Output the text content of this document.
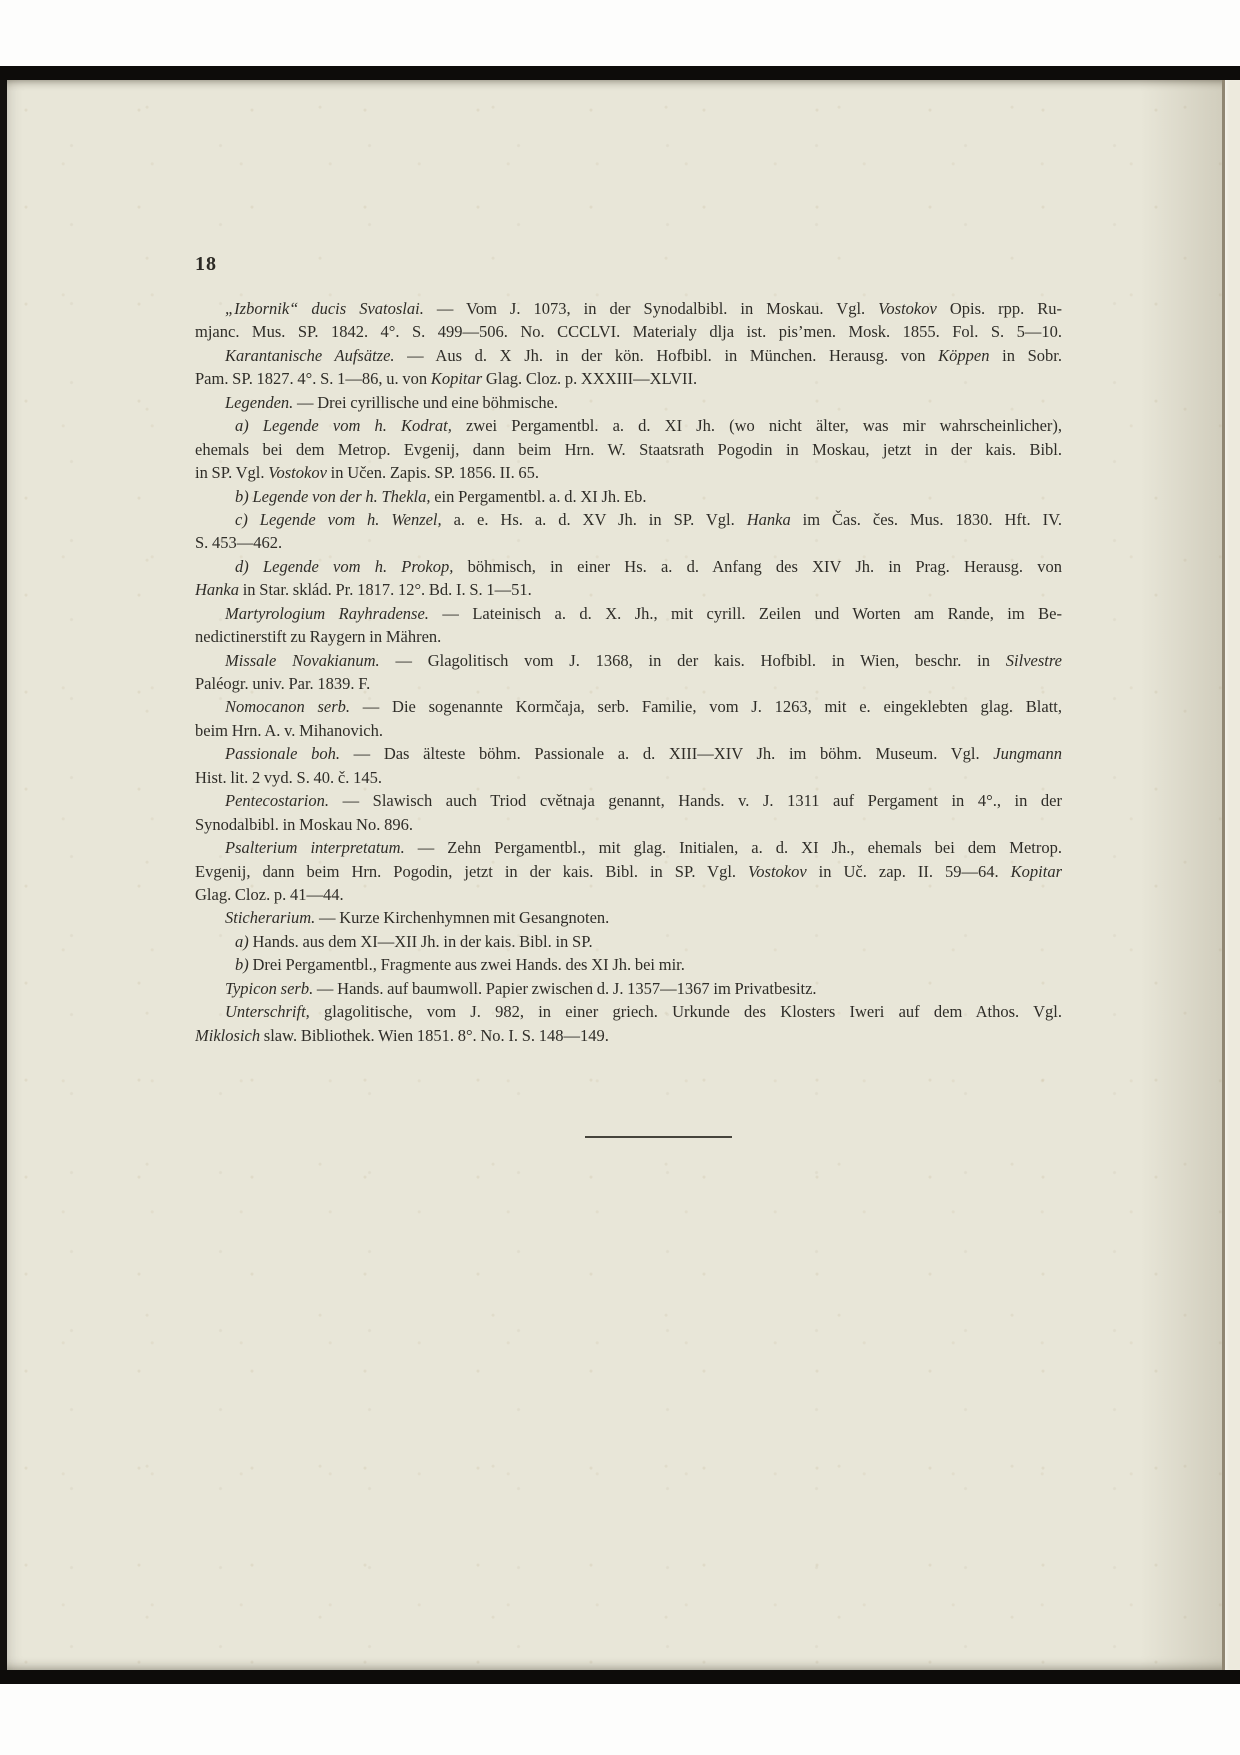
18
„Izbornik“ ducis Svatoslai. — Vom J. 1073, in der Synodalbibl. in Moskau. Vgl. Vostokov Opis. rpp. Ru-
mjanc. Mus. SP. 1842. 4°. S. 499—506. No. CCCLVI. Materialy dlja ist. pis’men. Mosk. 1855. Fol. S. 5—10.
Karantanische Aufsätze. — Aus d. X Jh. in der kön. Hofbibl. in München. Herausg. von Köppen in Sobr.
Pam. SP. 1827. 4°. S. 1—86, u. von Kopitar Glag. Cloz. p. XXXIII—XLVII.
Legenden. — Drei cyrillische und eine böhmische.
a) Legende vom h. Kodrat, zwei Pergamentbl. a. d. XI Jh. (wo nicht älter, was mir wahrscheinlicher),
ehemals bei dem Metrop. Evgenij, dann beim Hrn. W. Staatsrath Pogodin in Moskau, jetzt in der kais. Bibl.
in SP. Vgl. Vostokov in Učen. Zapis. SP. 1856. II. 65.
b) Legende von der h. Thekla, ein Pergamentbl. a. d. XI Jh. Eb.
c) Legende vom h. Wenzel, a. e. Hs. a. d. XV Jh. in SP. Vgl. Hanka im Čas. čes. Mus. 1830. Hft. IV.
S. 453—462.
d) Legende vom h. Prokop, böhmisch, in einer Hs. a. d. Anfang des XIV Jh. in Prag. Herausg. von
Hanka in Star. sklád. Pr. 1817. 12°. Bd. I. S. 1—51.
Martyrologium Rayhradense. — Lateinisch a. d. X. Jh., mit cyrill. Zeilen und Worten am Rande, im Be-
nedictinerstift zu Raygern in Mähren.
Missale Novakianum. — Glagolitisch vom J. 1368, in der kais. Hofbibl. in Wien, beschr. in Silvestre
Paléogr. univ. Par. 1839. F.
Nomocanon serb. — Die sogenannte Kormčaja, serb. Familie, vom J. 1263, mit e. eingeklebten glag. Blatt,
beim Hrn. A. v. Mihanovich.
Passionale boh. — Das älteste böhm. Passionale a. d. XIII—XIV Jh. im böhm. Museum. Vgl. Jungmann
Hist. lit. 2 vyd. S. 40. č. 145.
Pentecostarion. — Slawisch auch Triod cvětnaja genannt, Hands. v. J. 1311 auf Pergament in 4°., in der
Synodalbibl. in Moskau No. 896.
Psalterium interpretatum. — Zehn Pergamentbl., mit glag. Initialen, a. d. XI Jh., ehemals bei dem Metrop.
Evgenij, dann beim Hrn. Pogodin, jetzt in der kais. Bibl. in SP. Vgl. Vostokov in Uč. zap. II. 59—64. Kopitar
Glag. Cloz. p. 41—44.
Sticherarium. — Kurze Kirchenhymnen mit Gesangnoten.
a) Hands. aus dem XI—XII Jh. in der kais. Bibl. in SP.
b) Drei Pergamentbl., Fragmente aus zwei Hands. des XI Jh. bei mir.
Typicon serb. — Hands. auf baumwoll. Papier zwischen d. J. 1357—1367 im Privatbesitz.
Unterschrift, glagolitische, vom J. 982, in einer griech. Urkunde des Klosters Iweri auf dem Athos. Vgl.
Miklosich slaw. Bibliothek. Wien 1851. 8°. No. I. S. 148—149.
